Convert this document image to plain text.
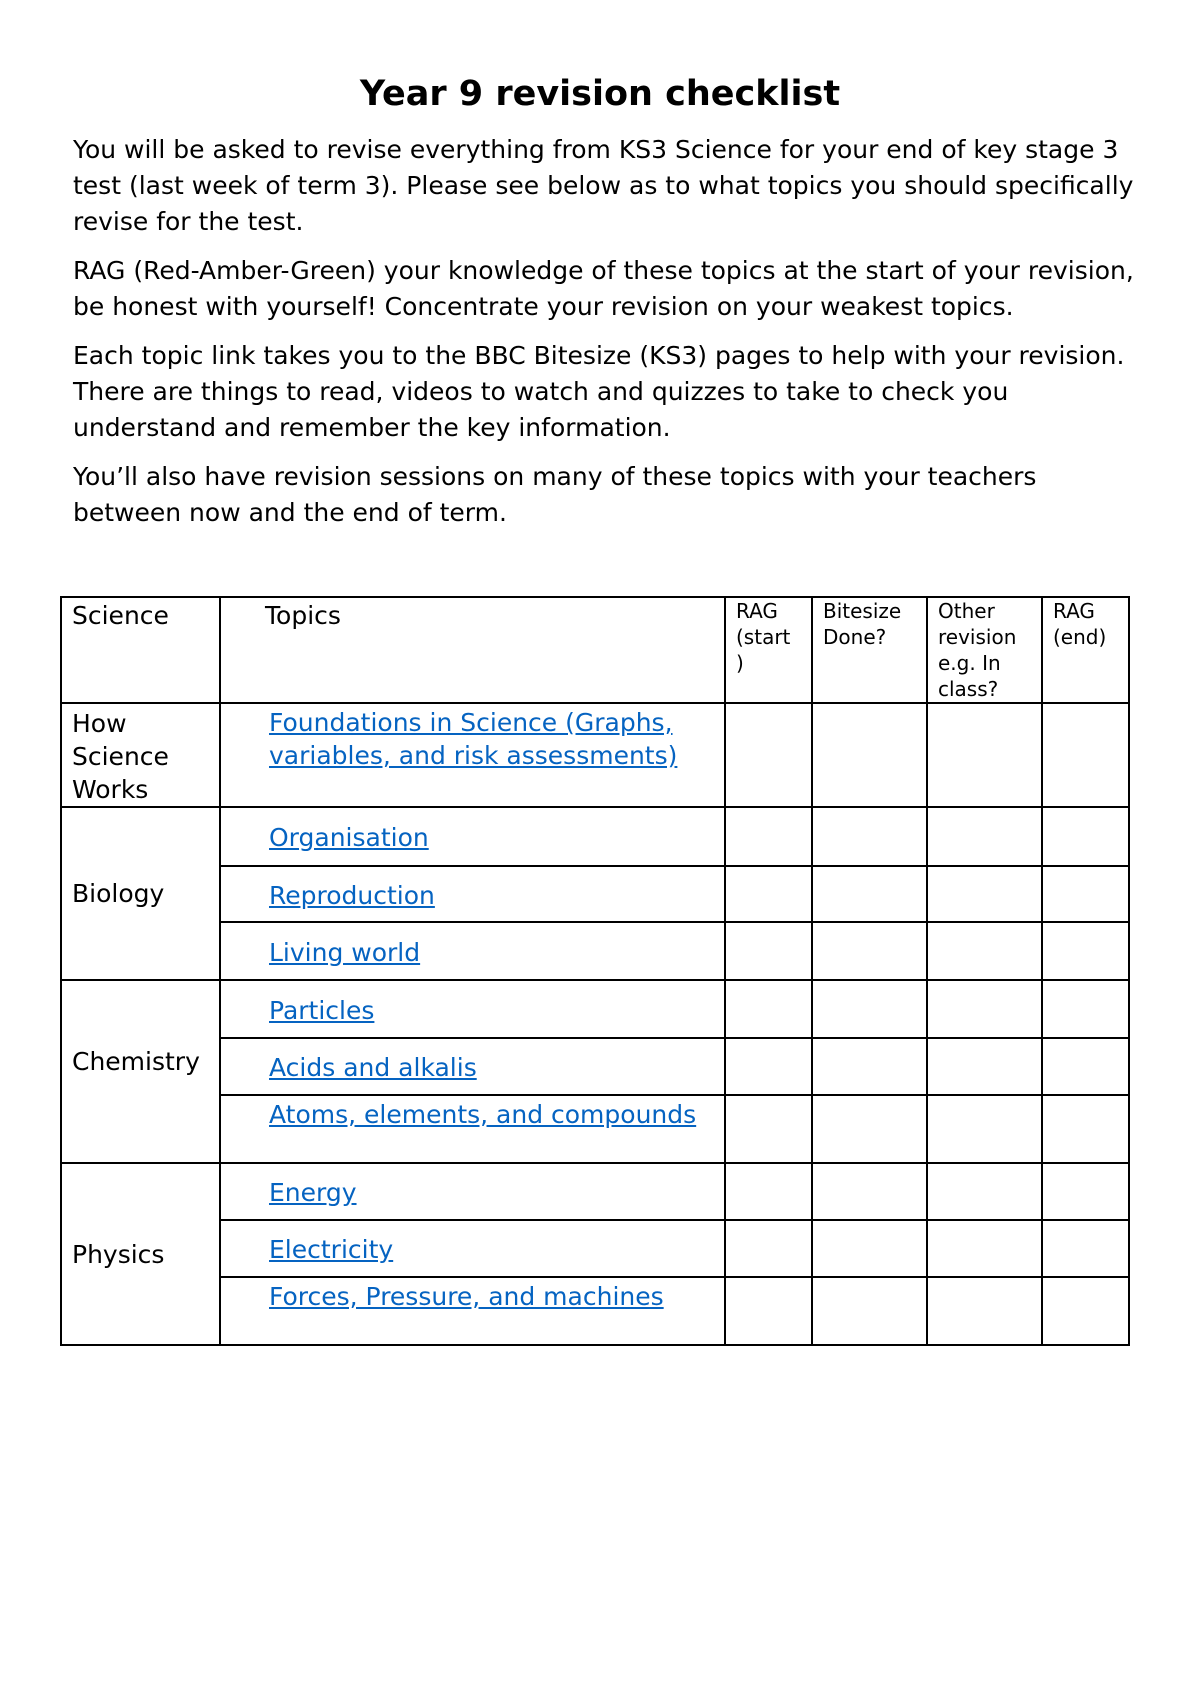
Year 9 revision checklist

You will be asked to revise everything from KS3 Science for your end of key stage 3 test (last week of term 3). Please see below as to what topics you should specifically revise for the test.

RAG (Red-Amber-Green) your knowledge of these topics at the start of your revision, be honest with yourself! Concentrate your revision on your weakest topics.

Each topic link takes you to the BBC Bitesize (KS3) pages to help with your revision. There are things to read, videos to watch and quizzes to take to check you understand and remember the key information.

You’ll also have revision sessions on many of these topics with your teachers between now and the end of term.

Science	Topics	RAG (start )	Bitesize Done?	Other revision e.g. In class?	RAG (end)
How Science Works	Foundations in Science (Graphs, variables, and risk assessments)				
Biology	Organisation				
	Reproduction				
	Living world				
Chemistry	Particles				
	Acids and alkalis				
	Atoms, elements, and compounds				
Physics	Energy				
	Electricity				
	Forces, Pressure, and machines				
